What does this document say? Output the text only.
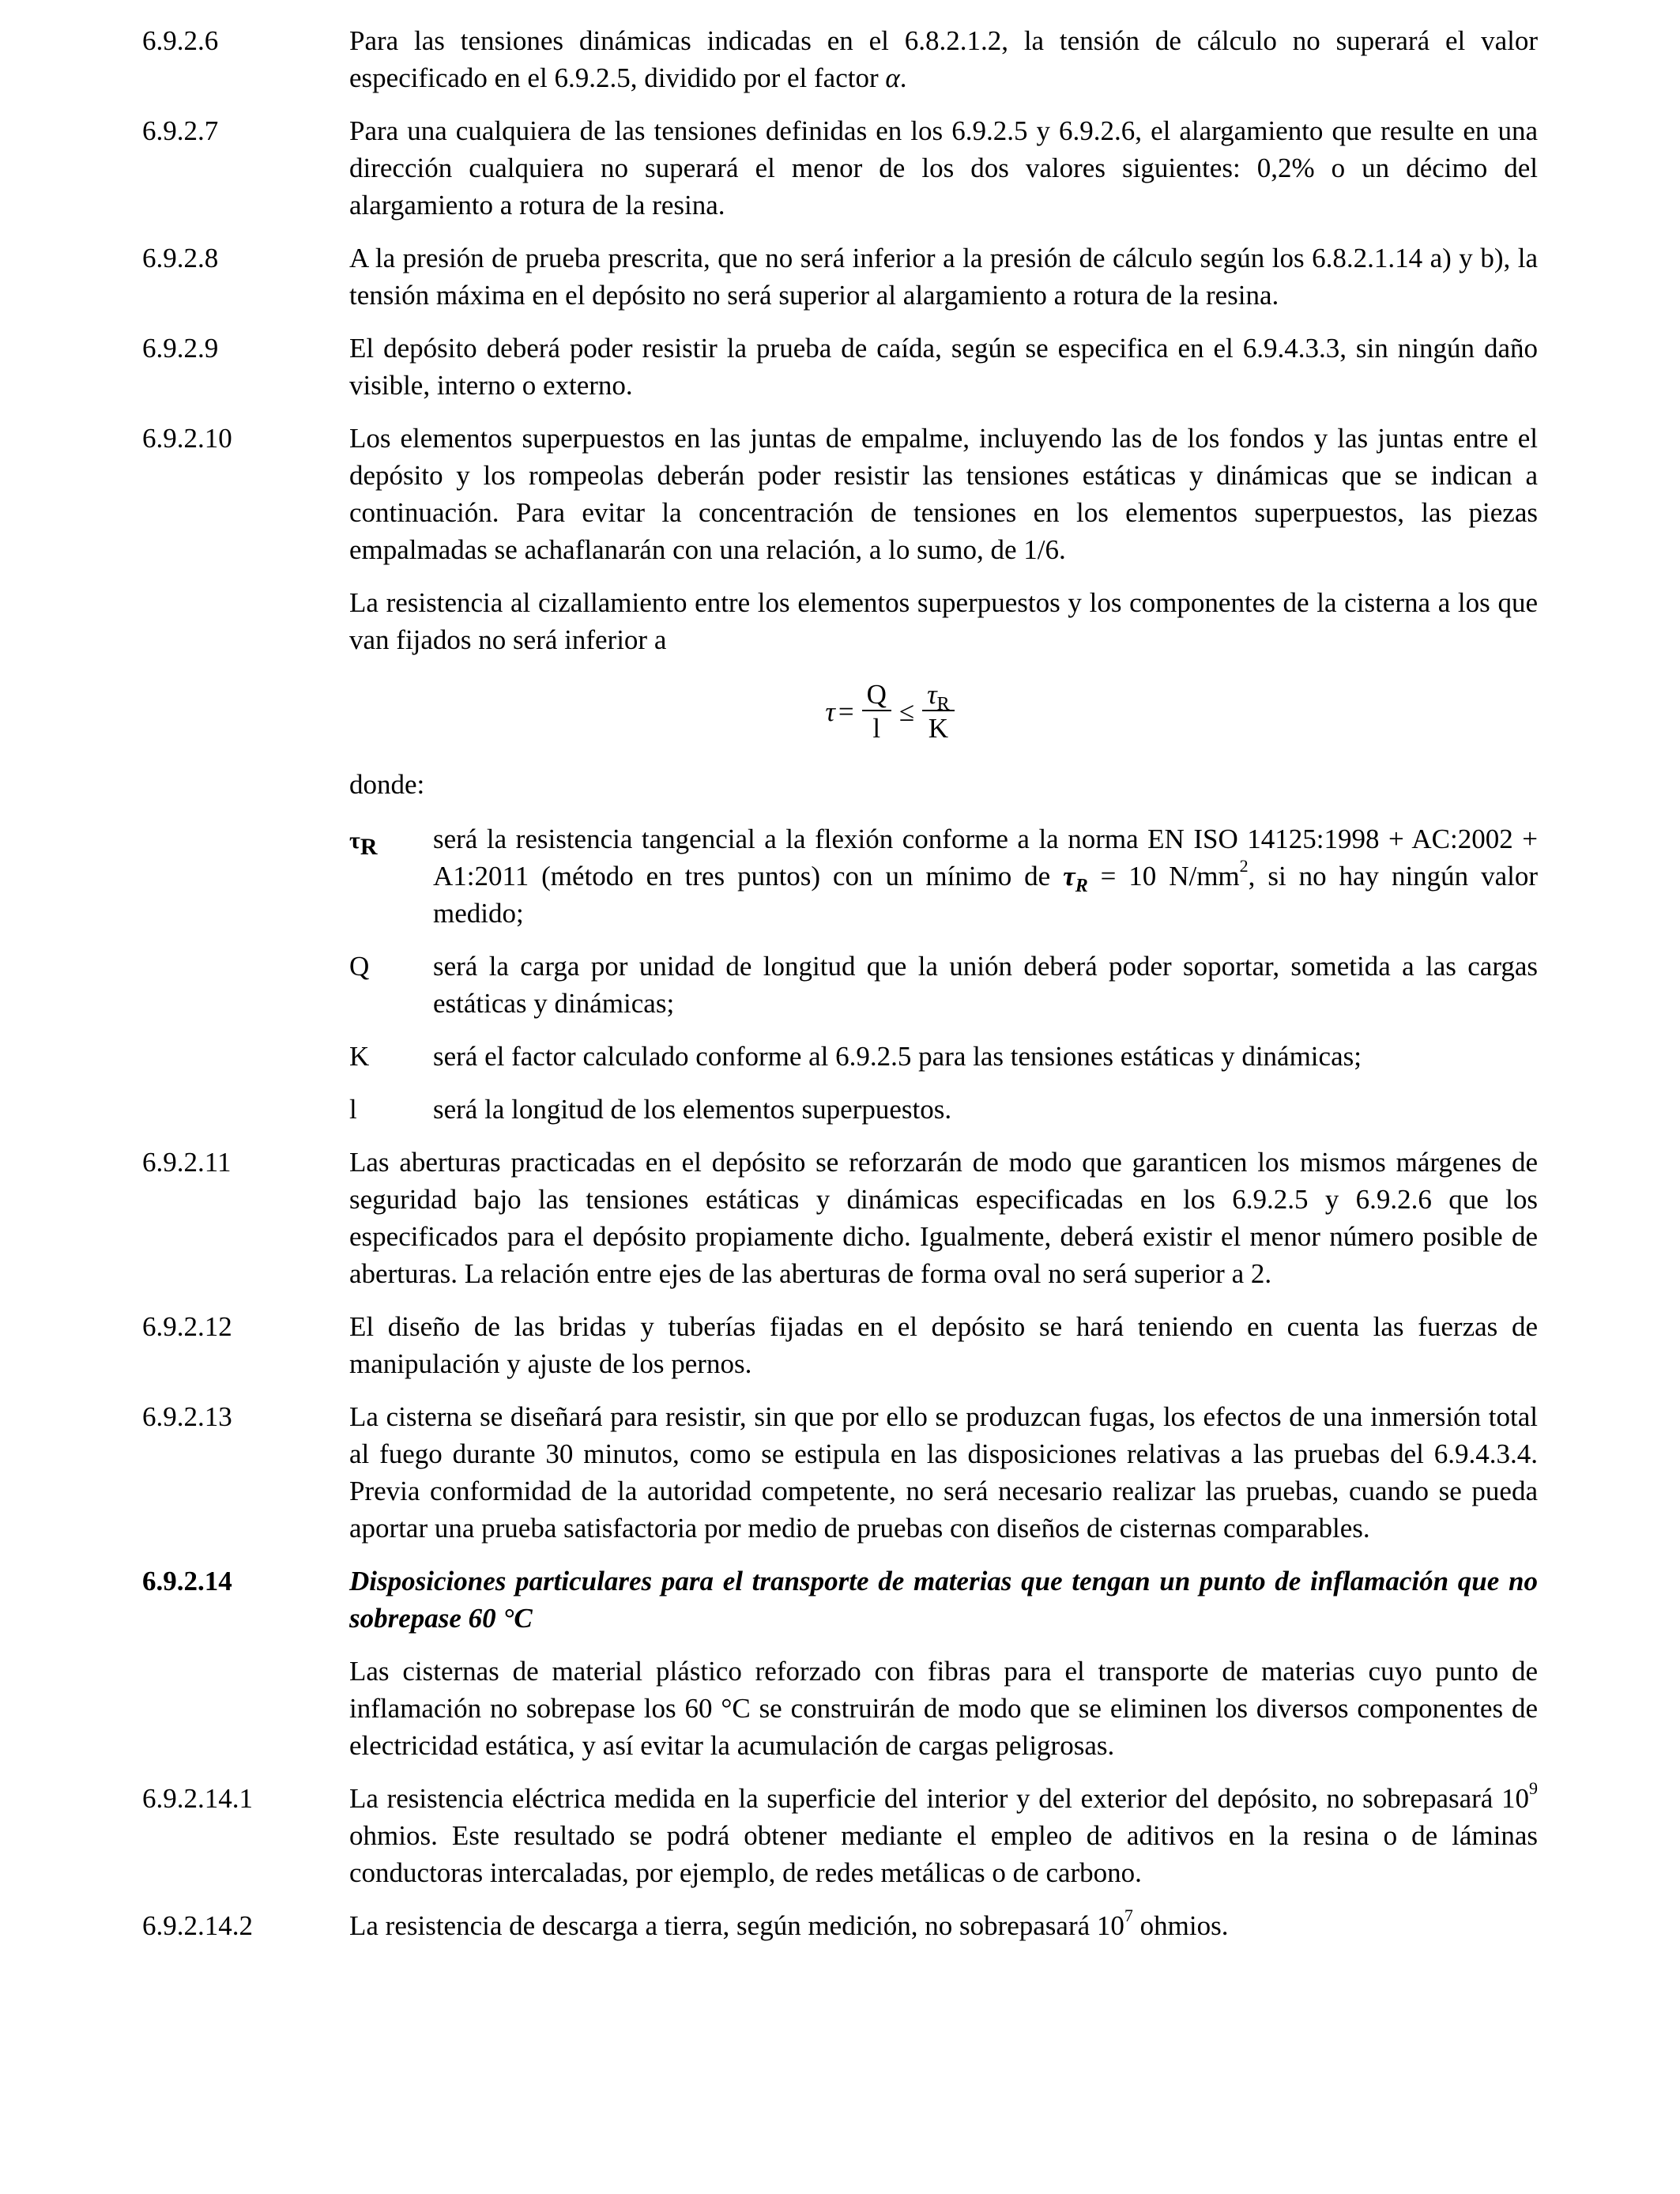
6.9.2.6	Para las tensiones dinámicas indicadas en el 6.8.2.1.2, la tensión de cálculo no superará el valor especificado en el 6.9.2.5, dividido por el factor α.
6.9.2.7	Para una cualquiera de las tensiones definidas en los 6.9.2.5 y 6.9.2.6, el alargamiento que resulte en una dirección cualquiera no superará el menor de los dos valores siguientes: 0,2% o un décimo del alargamiento a rotura de la resina.
6.9.2.8	A la presión de prueba prescrita, que no será inferior a la presión de cálculo según los 6.8.2.1.14 a) y b), la tensión máxima en el depósito no será superior al alargamiento a rotura de la resina.
6.9.2.9	El depósito deberá poder resistir la prueba de caída, según se especifica en el 6.9.4.3.3, sin ningún daño visible, interno o externo.
6.9.2.10	Los elementos superpuestos en las juntas de empalme, incluyendo las de los fondos y las juntas entre el depósito y los rompeolas deberán poder resistir las tensiones estáticas y dinámicas que se indican a continuación. Para evitar la concentración de tensiones en los elementos superpuestos, las piezas empalmadas se achaflanarán con una relación, a lo sumo, de 1/6.
La resistencia al cizallamiento entre los elementos superpuestos y los componentes de la cisterna a los que van fijados no será inferior a
$\tau = \frac{Q}{l} \le \frac{\tau_R}{K}$
donde:
$\tau_R$	será la resistencia tangencial a la flexión conforme a la norma EN ISO 14125:1998 + AC:2002 + A1:2011 (método en tres puntos) con un mínimo de $\tau_R = 10$ $N/mm^2$, si no hay ningún valor medido;
Q	será la carga por unidad de longitud que la unión deberá poder soportar, sometida a las cargas estáticas y dinámicas;
K	será el factor calculado conforme al 6.9.2.5 para las tensiones estáticas y dinámicas;
l	será la longitud de los elementos superpuestos.
6.9.2.11	Las aberturas practicadas en el depósito se reforzarán de modo que garanticen los mismos márgenes de seguridad bajo las tensiones estáticas y dinámicas especificadas en los 6.9.2.5 y 6.9.2.6 que los especificados para el depósito propiamente dicho. Igualmente, deberá existir el menor número posible de aberturas. La relación entre ejes de las aberturas de forma oval no será superior a 2.
6.9.2.12	El diseño de las bridas y tuberías fijadas en el depósito se hará teniendo en cuenta las fuerzas de manipulación y ajuste de los pernos.
6.9.2.13	La cisterna se diseñará para resistir, sin que por ello se produzcan fugas, los efectos de una inmersión total al fuego durante 30 minutos, como se estipula en las disposiciones relativas a las pruebas del 6.9.4.3.4. Previa conformidad de la autoridad competente, no será necesario realizar las pruebas, cuando se pueda aportar una prueba satisfactoria por medio de pruebas con diseños de cisternas comparables.
6.9.2.14	Disposiciones particulares para el transporte de materias que tengan un punto de inflamación que no sobrepase 60 °C
Las cisternas de material plástico reforzado con fibras para el transporte de materias cuyo punto de inflamación no sobrepase los 60 °C se construirán de modo que se eliminen los diversos componentes de electricidad estática, y así evitar la acumulación de cargas peligrosas.
6.9.2.14.1	La resistencia eléctrica medida en la superficie del interior y del exterior del depósito, no sobrepasará $10^9$ ohmios. Este resultado se podrá obtener mediante el empleo de aditivos en la resina o de láminas conductoras intercaladas, por ejemplo, de redes metálicas o de carbono.
6.9.2.14.2	La resistencia de descarga a tierra, según medición, no sobrepasará $10^7$ ohmios.
